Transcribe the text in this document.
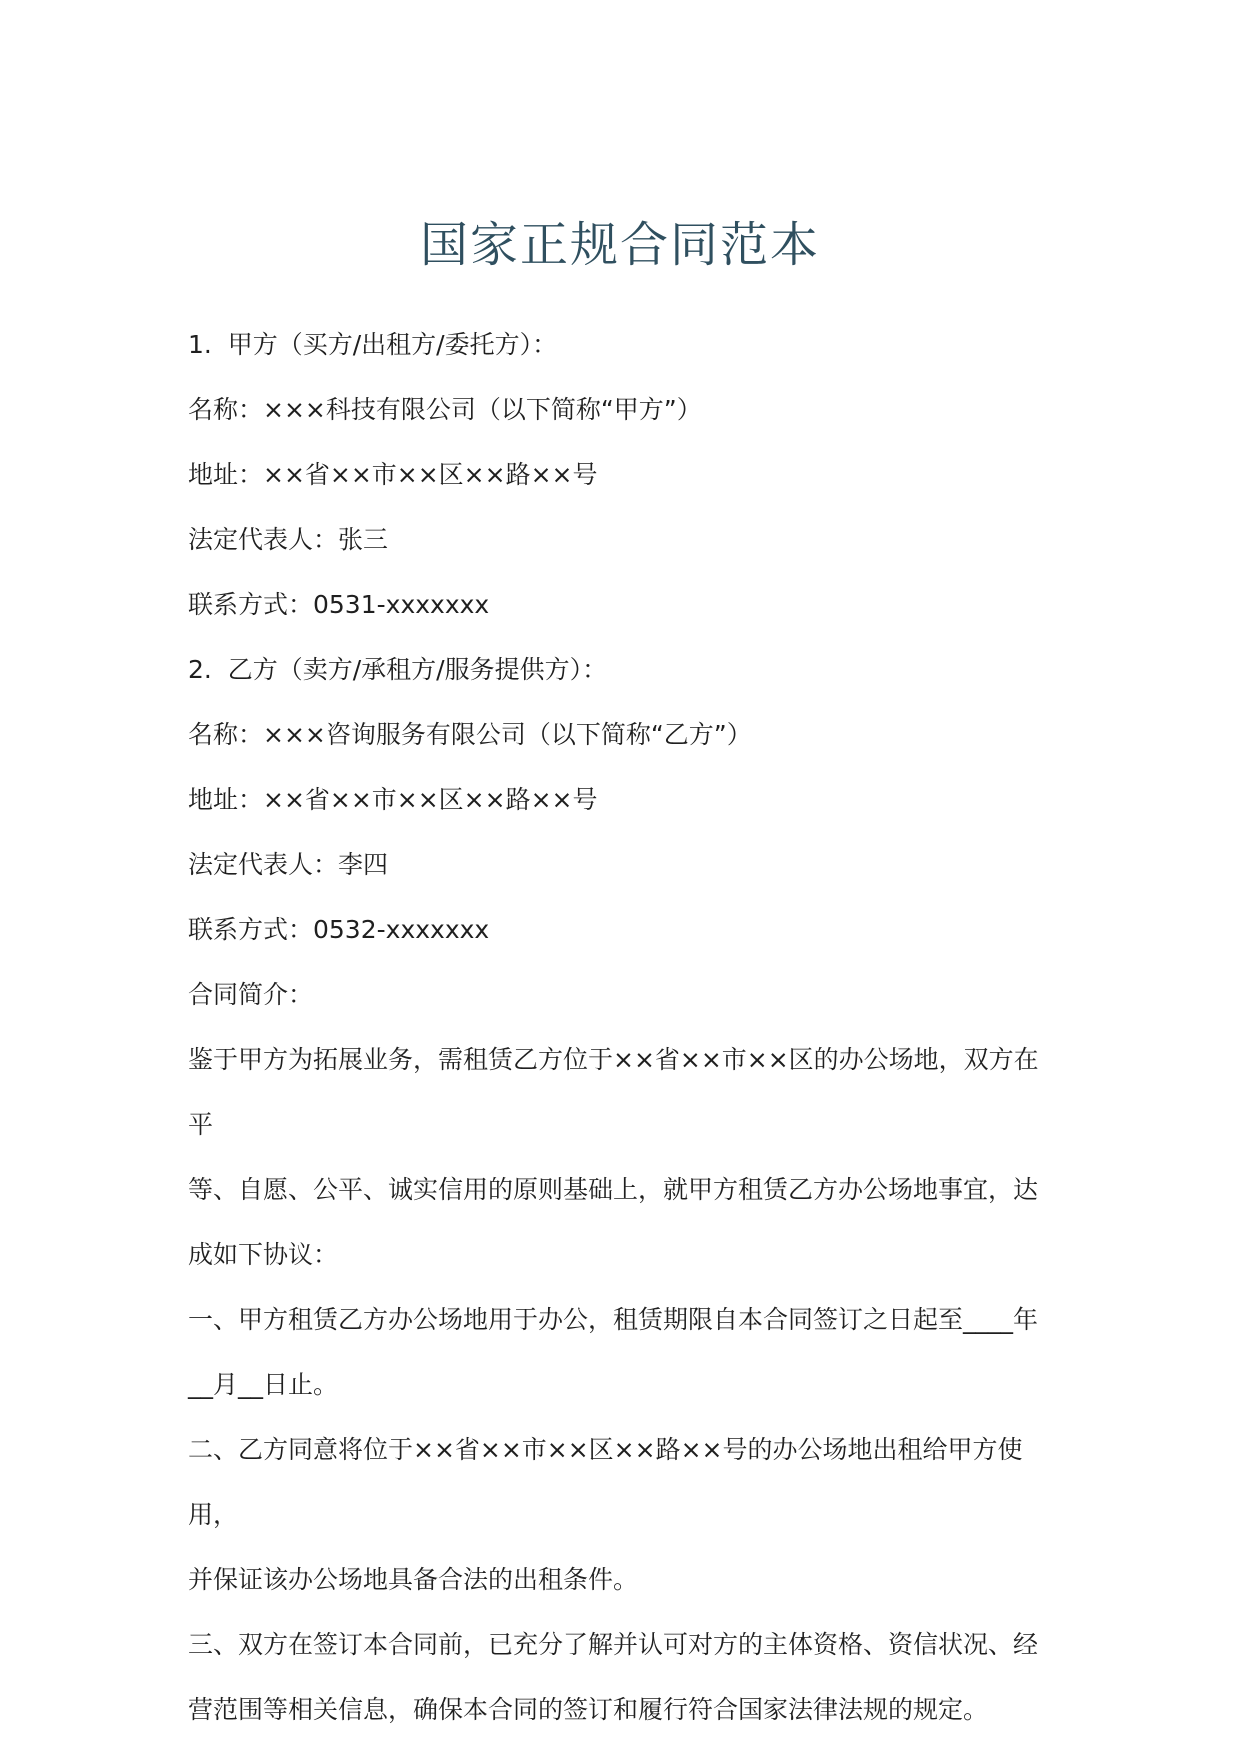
国家正规合同范本

1.  甲方（买方/出租方/委托方）：

名称：×××科技有限公司（以下简称“甲方”）

地址：××省××市××区××路××号

法定代表人：张三

联系方式：0531-xxxxxxx

2.  乙方（卖方/承租方/服务提供方）：

名称：×××咨询服务有限公司（以下简称“乙方”）

地址：××省××市××区××路××号

法定代表人：李四

联系方式：0532-xxxxxxx

合同简介：

鉴于甲方为拓展业务，需租赁乙方位于××省××市××区的办公场地，双方在平

等、自愿、公平、诚实信用的原则基础上，就甲方租赁乙方办公场地事宜，达

成如下协议：

一、甲方租赁乙方办公场地用于办公，租赁期限自本合同签订之日起至____年

__月__日止。

二、乙方同意将位于××省××市××区××路××号的办公场地出租给甲方使用，

并保证该办公场地具备合法的出租条件。

三、双方在签订本合同前，已充分了解并认可对方的主体资格、资信状况、经

营范围等相关信息，确保本合同的签订和履行符合国家法律法规的规定。
